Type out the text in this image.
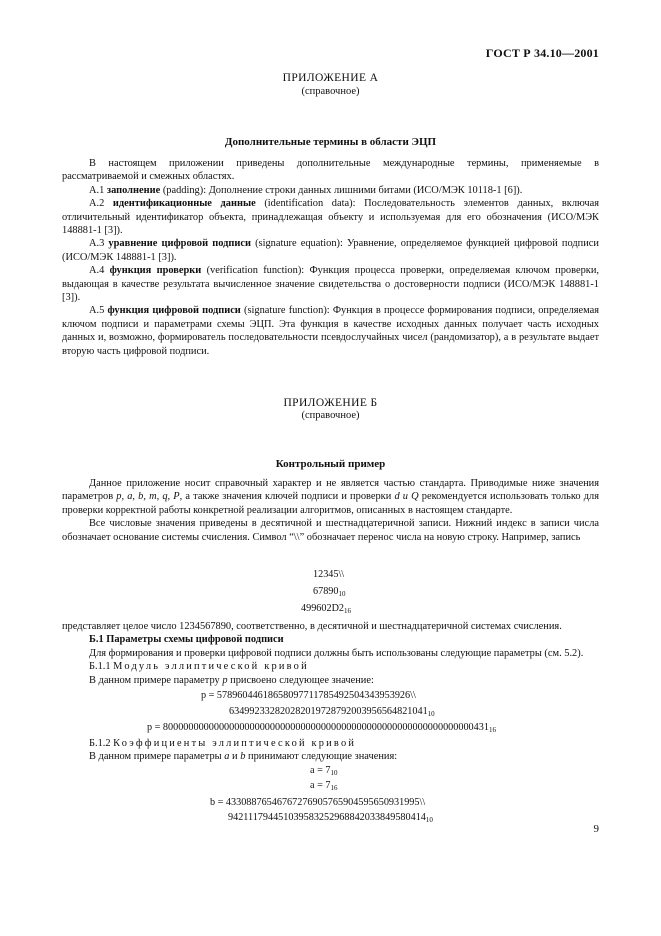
ГОСТ Р 34.10—2001
ПРИЛОЖЕНИЕ А
(справочное)
Дополнительные термины в области ЭЦП

В настоящем приложении приведены дополнительные международные термины, применяемые в рассматриваемой и смежных областях.

А.1 заполнение (padding): Дополнение строки данных лишними битами (ИСО/МЭК 10118-1 [6]).

А.2 идентификационные данные (identification data): Последовательность элементов данных, включая отличительный идентификатор объекта, принадлежащая объекту и используемая для его обозначения (ИСО/МЭК 148881-1 [3]).

А.3 уравнение цифровой подписи (signature equation): Уравнение, определяемое функцией цифровой подписи (ИСО/МЭК 148881-1 [3]).

А.4 функция проверки (verification function): Функция процесса проверки, определяемая ключом проверки, выдающая в качестве результата вычисленное значение свидетельства о достоверности подписи (ИСО/МЭК 148881-1 [3]).

А.5 функция цифровой подписи (signature function): Функция в процессе формирования подписи, определяемая ключом подписи и параметрами схемы ЭЦП. Эта функция в качестве исходных данных получает часть исходных данных и, возможно, формирователь последовательности псевдослучайных чисел (рандомизатор), а в результате выдает вторую часть цифровой подписи.

ПРИЛОЖЕНИЕ Б
(справочное)
Контрольный пример

Данное приложение носит справочный характер и не является частью стандарта. Приводимые ниже значения параметров p, a, b, m, q, P, а также значения ключей подписи и проверки d и Q рекомендуется использовать только для проверки корректной работы конкретной реализации алгоритмов, описанных в настоящем стандарте.

Все числовые значения приведены в десятичной и шестнадцатеричной записи. Нижний индекс в записи числа обозначает основание системы счисления. Символ “\\” обозначает перенос числа на новую строку. Например, запись

12345\\
$67890_{10}$
$499602D2_{16}$

представляет целое число 1234567890, соответственно, в десятичной и шестнадцатеричной системах счисления.

Б.1 Параметры схемы цифровой подписи

Для формирования и проверки цифровой подписи должны быть использованы следующие параметры (см. 5.2).

Б.1.1 Модуль эллиптической кривой

В данном примере параметру p присвоено следующее значение:

p = 57896044618658097711785492504343953926\\
$634992332820282019728792003956564821041_{10}$
$p = 8000000000000000000000000000000000000000000000000000000000000431_{16}$

Б.1.2 Коэффициенты эллиптической кривой

В данном примере параметры a и b принимают следующие значения:

$a = 7_{10}$
$a = 7_{16}$
b = 43308876546767276905765904595650931995\\
$942111794451039583252968842033849580414_{10}$
9
